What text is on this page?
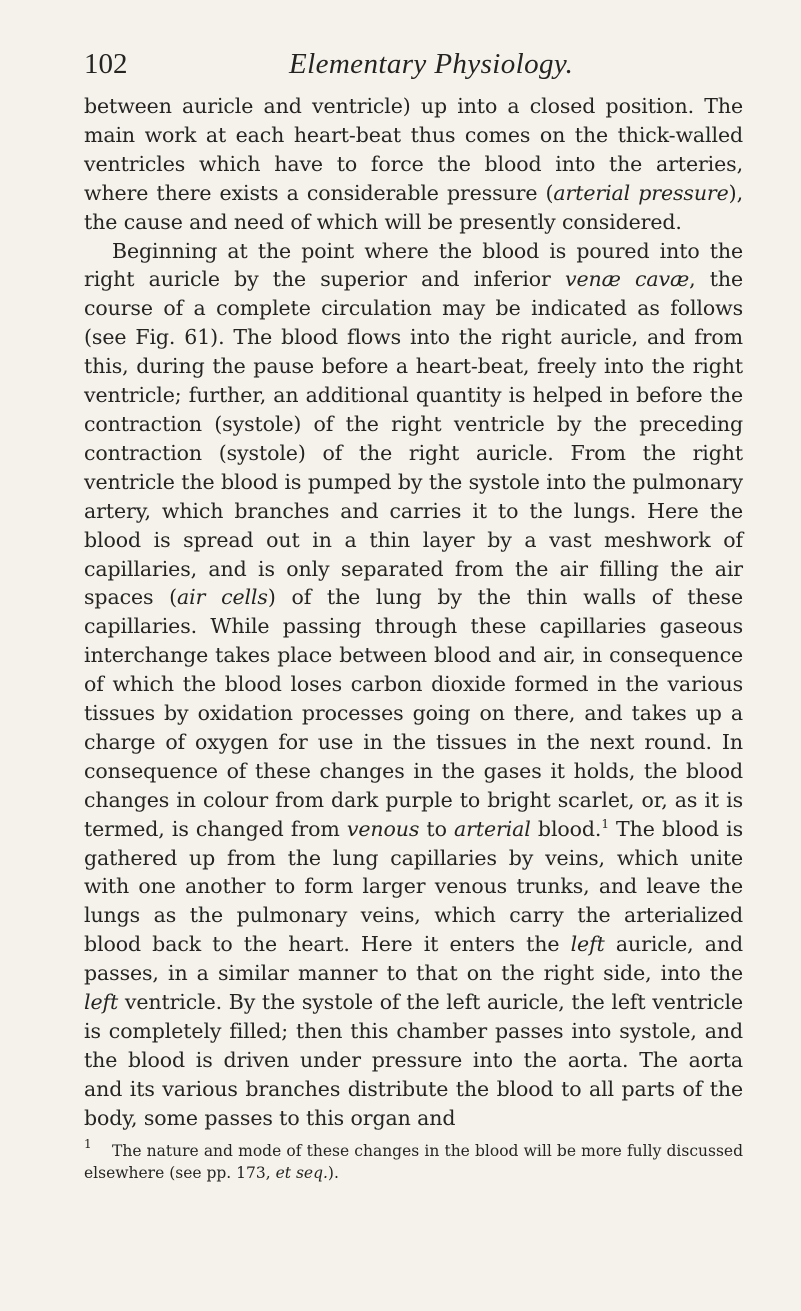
102	Elementary Physiology.

between auricle and ventricle) up into a closed position. The main work at each heart-beat thus comes on the thick-walled ventricles which have to force the blood into the arteries, where there exists a considerable pressure (arterial pressure), the cause and need of which will be presently considered.

Beginning at the point where the blood is poured into the right auricle by the superior and inferior venæ cavæ, the course of a complete circulation may be indicated as follows (see Fig. 61). The blood flows into the right auricle, and from this, during the pause before a heart-beat, freely into the right ventricle; further, an additional quantity is helped in before the contraction (systole) of the right ventricle by the preceding contraction (systole) of the right auricle. From the right ventricle the blood is pumped by the systole into the pulmonary artery, which branches and carries it to the lungs. Here the blood is spread out in a thin layer by a vast meshwork of capillaries, and is only separated from the air filling the air spaces (air cells) of the lung by the thin walls of these capillaries. While passing through these capillaries gaseous interchange takes place between blood and air, in consequence of which the blood loses carbon dioxide formed in the various tissues by oxidation processes going on there, and takes up a charge of oxygen for use in the tissues in the next round. In consequence of these changes in the gases it holds, the blood changes in colour from dark purple to bright scarlet, or, as it is termed, is changed from venous to arterial blood.$^1$ The blood is gathered up from the lung capillaries by veins, which unite with one another to form larger venous trunks, and leave the lungs as the pulmonary veins, which carry the arterialized blood back to the heart. Here it enters the left auricle, and passes, in a similar manner to that on the right side, into the left ventricle. By the systole of the left auricle, the left ventricle is completely filled; then this chamber passes into systole, and the blood is driven under pressure into the aorta. The aorta and its various branches distribute the blood to all parts of the body, some passes to this organ and

$^1$ The nature and mode of these changes in the blood will be more fully discussed elsewhere (see pp. 173, et seq.).
